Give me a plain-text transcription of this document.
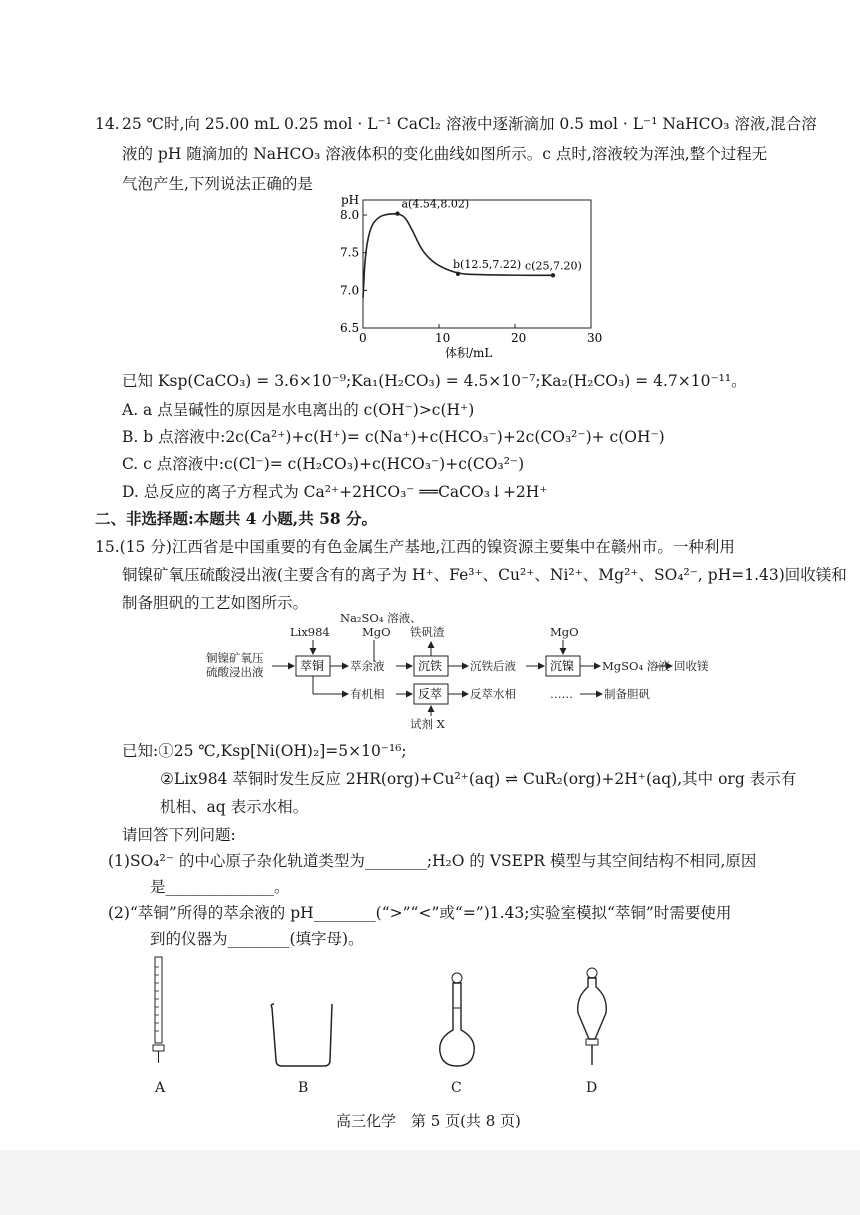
14. 25 ℃时,向 25.00 mL 0.25 mol · L⁻¹ CaCl₂ 溶液中逐渐滴加 0.5 mol · L⁻¹ NaHCO₃ 溶液,混合溶
液的 pH 随滴加的 NaHCO₃ 溶液体积的变化曲线如图所示。c 点时,溶液较为浑浊,整个过程无
气泡产生,下列说法正确的是
0	10	20	30
6.5
7.0
7.5
8.0
a(4.54,8.02)
b(12.5,7.22) c(25,7.20)
pH
体积/mL
已知 Ksp(CaCO₃) = 3.6×10⁻⁹;Ka₁(H₂CO₃) = 4.5×10⁻⁷;Ka₂(H₂CO₃) = 4.7×10⁻¹¹。
A. a 点呈碱性的原因是水电离出的 c(OH⁻)>c(H⁺)
B. b 点溶液中:2c(Ca²⁺)+c(H⁺)= c(Na⁺)+c(HCO₃⁻)+2c(CO₃²⁻)+ c(OH⁻)
C. c 点溶液中:c(Cl⁻)= c(H₂CO₃)+c(HCO₃⁻)+c(CO₃²⁻)
D. 总反应的离子方程式为 Ca²⁺+2HCO₃⁻ ══CaCO₃↓+2H⁺
二、非选择题:本题共 4 小题,共 58 分。
15.(15 分)江西省是中国重要的有色金属生产基地,江西的镍资源主要集中在赣州市。一种利用
铜镍矿氧压硫酸浸出液(主要含有的离子为 H⁺、Fe³⁺、Cu²⁺、Ni²⁺、Mg²⁺、SO₄²⁻, pH=1.43)回收镁和
制备胆矾的工艺如图所示。
铜镍矿氧压
硫酸浸出液
Lix984
Na₂SO₄ 溶液、
MgO 铁矾渣	MgO
萃余液	沉铁后液	MgSO₄ 溶液 回收镁
有机相	反萃水相	……	制备胆矾
试剂 X
萃铜	沉铁	沉镍
反萃
已知:①25 ℃,Ksp[Ni(OH)₂]=5×10⁻¹⁶;
②Lix984 萃铜时发生反应 2HR(org)+Cu²⁺(aq) ⇌ CuR₂(org)+2H⁺(aq),其中 org 表示有
机相、aq 表示水相。
请回答下列问题:
(1)SO₄²⁻ 的中心原子杂化轨道类型为________;H₂O 的 VSEPR 模型与其空间结构不相同,原因
是______________。
(2)“萃铜”所得的萃余液的 pH________(“>”“<”或“=”)1.43;实验室模拟“萃铜”时需要使用
到的仪器为________(填字母)。
A	B	C	D
高三化学　第 5 页(共 8 页)
